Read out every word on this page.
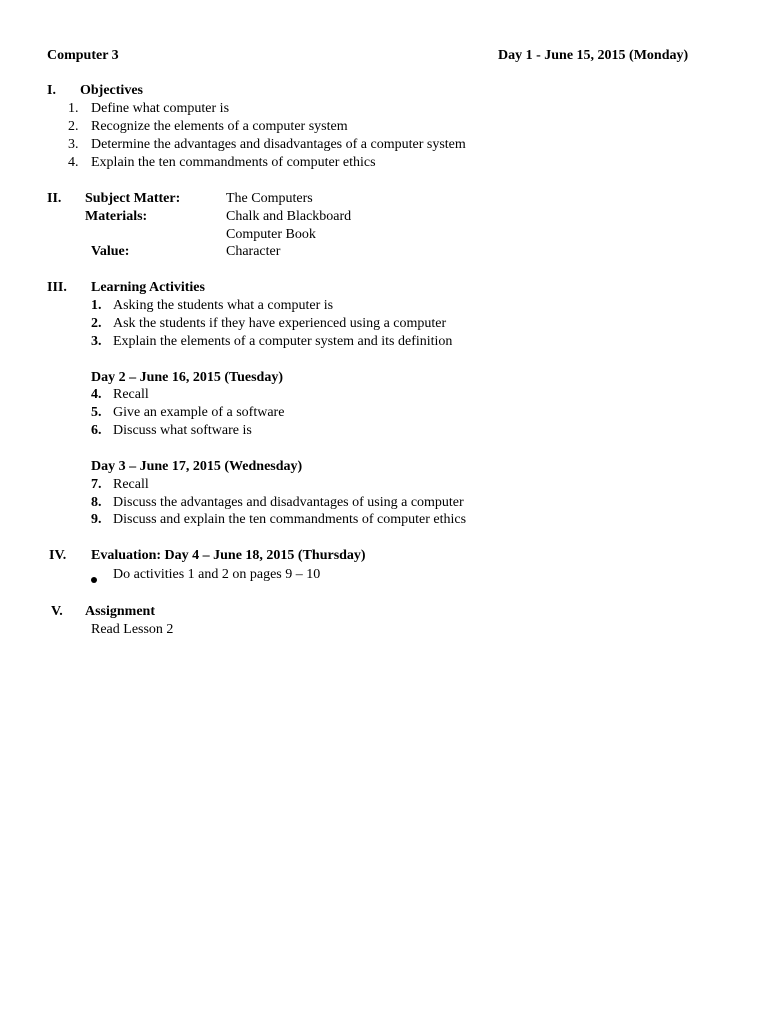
Computer 3	Day 1 - June 15, 2015 (Monday)
I. Objectives
1. Define what computer is
2. Recognize the elements of a computer system
3. Determine the advantages and disadvantages of a computer system
4. Explain the ten commandments of computer ethics
II. Subject Matter:	The Computers
Materials:	Chalk and Blackboard
Computer Book
Value:	Character
III. Learning Activities
1. Asking the students what a computer is
2. Ask the students if they have experienced using a computer
3. Explain the elements of a computer system and its definition
Day 2 – June 16, 2015 (Tuesday)
4. Recall
5. Give an example of a software
6. Discuss what software is
Day 3 – June 17, 2015 (Wednesday)
7. Recall
8. Discuss the advantages and disadvantages of using a computer
9. Discuss and explain the ten commandments of computer ethics
IV. Evaluation: Day 4 – June 18, 2015 (Thursday)
Do activities 1 and 2 on pages 9 – 10
V. Assignment
Read Lesson 2
